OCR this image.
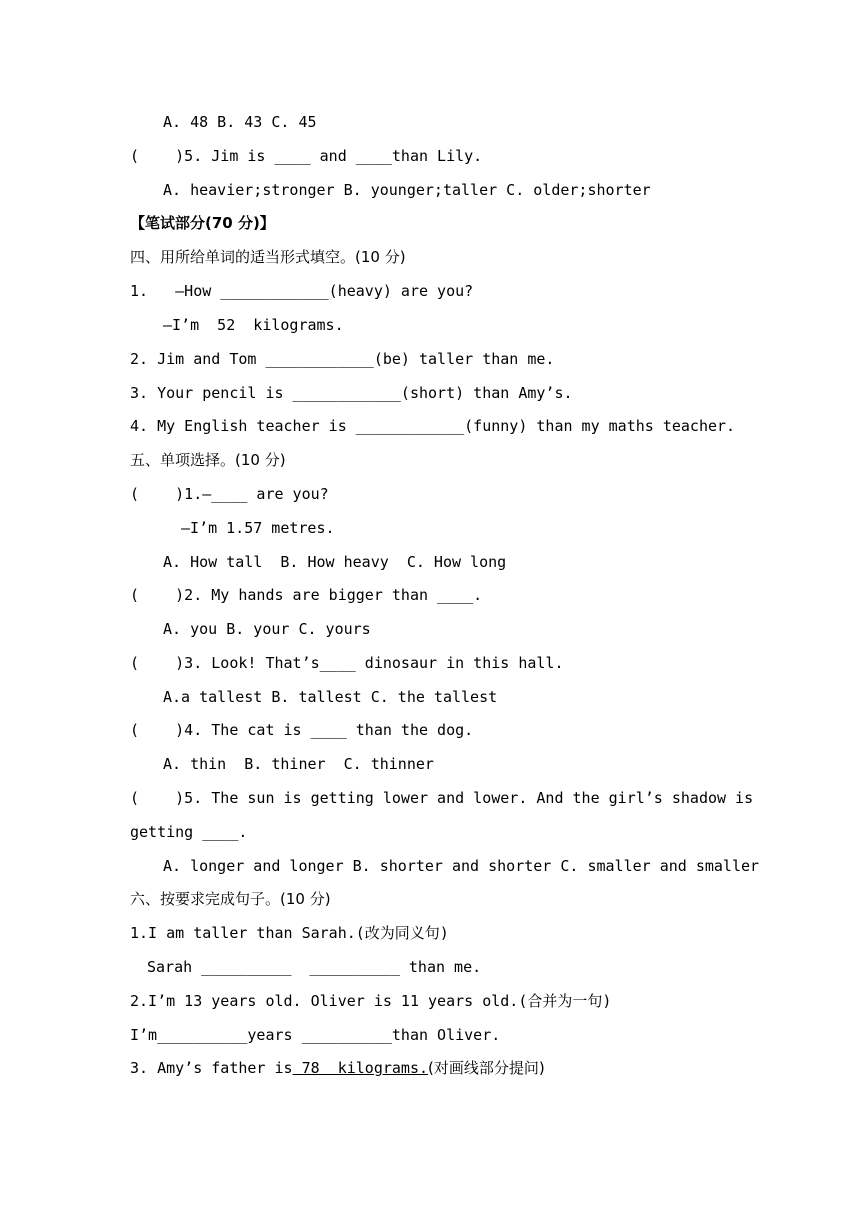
A. 48 B. 43 C. 45
(    )5. Jim is ____ and ____than Lily.
A. heavier;stronger B. younger;taller C. older;shorter
【笔试部分(70 分)】
四、用所给单词的适当形式填空。(10 分)
1.   —How ____________(heavy) are you?
—I’m  52  kilograms.
2. Jim and Tom ____________(be) taller than me.
3. Your pencil is ____________(short) than Amy’s.
4. My English teacher is ____________(funny) than my maths teacher.
五、单项选择。(10 分)
(    )1.—____ are you?
—I’m 1.57 metres.
A. How tall  B. How heavy  C. How long
(    )2. My hands are bigger than ____.
A. you B. your C. yours
(    )3. Look! That’s____ dinosaur in this hall.
A.a tallest B. tallest C. the tallest
(    )4. The cat is ____ than the dog.
A. thin  B. thiner  C. thinner
(    )5. The sun is getting lower and lower. And the girl’s shadow is
getting ____.
A. longer and longer B. shorter and shorter C. smaller and smaller
六、按要求完成句子。(10 分)
1.I am taller than Sarah.(改为同义句)
Sarah __________  __________ than me.
2.I’m 13 years old. Oliver is 11 years old.(合并为一句)
I’m__________years __________than Oliver.
3. Amy’s father is 78  kilograms.(对画线部分提问)
